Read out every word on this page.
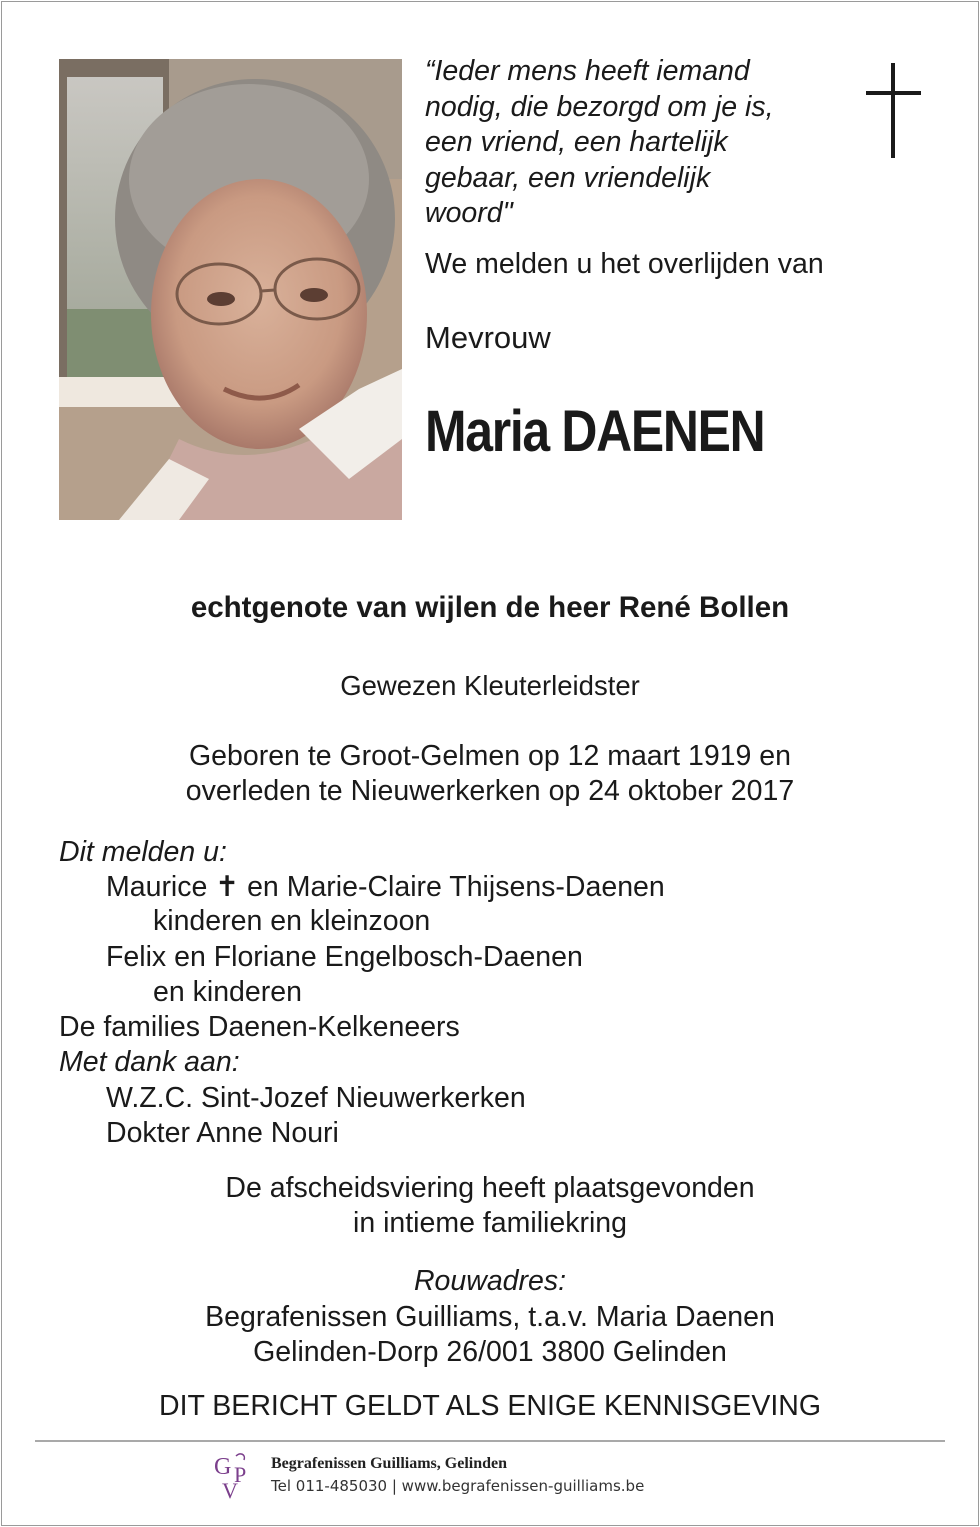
“Ieder mens heeft iemand
nodig, die bezorgd om je is,
een vriend, een hartelijk
gebaar, een vriendelijk
woord"
We melden u het overlijden van
Mevrouw
Maria DAENEN
echtgenote van wijlen de heer René Bollen
Gewezen Kleuterleidster
Geboren te Groot-Gelmen op 12 maart 1919 en
overleden te Nieuwerkerken op 24 oktober 2017
Dit melden u:
Maurice ✝ en Marie-Claire Thijsens-Daenen
kinderen en kleinzoon
Felix en Floriane Engelbosch-Daenen
en kinderen
De families Daenen-Kelkeneers
Met dank aan:
W.Z.C. Sint-Jozef Nieuwerkerken
Dokter Anne Nouri
De afscheidsviering heeft plaatsgevonden
in intieme familiekring
Rouwadres:
Begrafenissen Guilliams, t.a.v. Maria Daenen
Gelinden-Dorp 26/001 3800 Gelinden
DIT BERICHT GELDT ALS ENIGE KENNISGEVING
G P
V
Begrafenissen Guilliams, Gelinden
Tel 011-485030 | www.begrafenissen-guilliams.be
